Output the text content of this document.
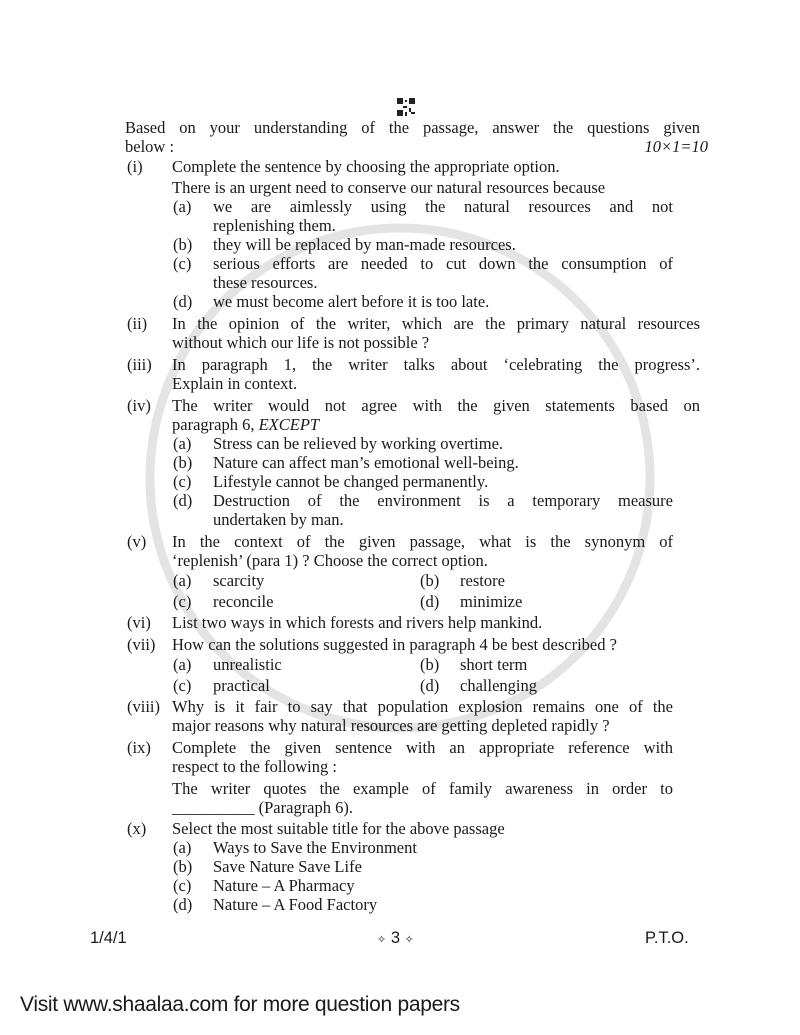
Based on your understanding of the passage, answer the questions given
below :	10×1=10
(i) Complete the sentence by choosing the appropriate option.
There is an urgent need to conserve our natural resources because
(a) we are aimlessly using the natural resources and not
replenishing them.
(b) they will be replaced by man-made resources.
(c) serious efforts are needed to cut down the consumption of
these resources.
(d) we must become alert before it is too late.
(ii) In the opinion of the writer, which are the primary natural resources
without which our life is not possible ?
(iii) In paragraph 1, the writer talks about ‘celebrating the progress’.
Explain in context.
(iv) The writer would not agree with the given statements based on
paragraph 6, EXCEPT
(a) Stress can be relieved by working overtime.
(b) Nature can affect man’s emotional well-being.
(c) Lifestyle cannot be changed permanently.
(d) Destruction of the environment is a temporary measure
undertaken by man.
(v) In the context of the given passage, what is the synonym of
‘replenish’ (para 1) ? Choose the correct option.
(a) scarcity	(b) restore
(c) reconcile	(d) minimize
(vi) List two ways in which forests and rivers help mankind.
(vii) How can the solutions suggested in paragraph 4 be best described ?
(a) unrealistic	(b) short term
(c) practical	(d) challenging
(viii) Why is it fair to say that population explosion remains one of the
major reasons why natural resources are getting depleted rapidly ?
(ix) Complete the given sentence with an appropriate reference with
respect to the following :
The writer quotes the example of family awareness in order to
__________ (Paragraph 6).
(x) Select the most suitable title for the above passage
(a) Ways to Save the Environment
(b) Save Nature Save Life
(c) Nature – A Pharmacy
(d) Nature – A Food Factory
1/4/1	✧ 3 ✧	P.T.O.
Visit www.shaalaa.com for more question papers
